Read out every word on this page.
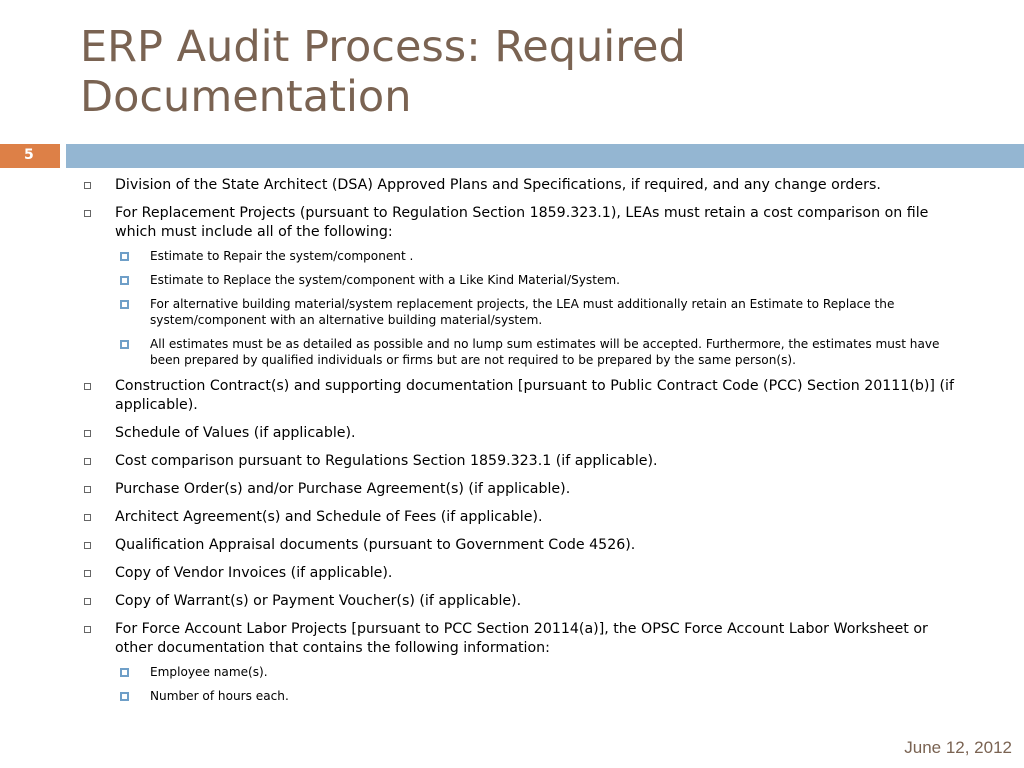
ERP Audit Process: Required Documentation
5
Division of the State Architect (DSA) Approved Plans and Specifications, if required, and any change orders.
For Replacement Projects (pursuant to Regulation Section 1859.323.1), LEAs must retain a cost comparison on file which must include all of the following:
Estimate to Repair the system/component .
Estimate to Replace the system/component with a Like Kind Material/System.
For alternative building material/system replacement projects, the LEA must additionally retain an Estimate to Replace the system/component with an alternative building material/system.
All estimates must be as detailed as possible and no lump sum estimates will be accepted. Furthermore, the estimates must have been prepared by qualified individuals or firms but are not required to be prepared by the same person(s).
Construction Contract(s) and supporting documentation [pursuant to Public Contract Code (PCC) Section 20111(b)] (if applicable).
Schedule of Values (if applicable).
Cost comparison pursuant to Regulations Section 1859.323.1 (if applicable).
Purchase Order(s) and/or Purchase Agreement(s) (if applicable).
Architect Agreement(s) and Schedule of Fees (if applicable).
Qualification Appraisal documents (pursuant to Government Code 4526).
Copy of Vendor Invoices (if applicable).
Copy of Warrant(s) or Payment Voucher(s) (if applicable).
For Force Account Labor Projects [pursuant to PCC Section 20114(a)], the OPSC Force Account Labor Worksheet or other documentation that contains the following information:
Employee name(s).
Number of hours each.
June 12, 2012
